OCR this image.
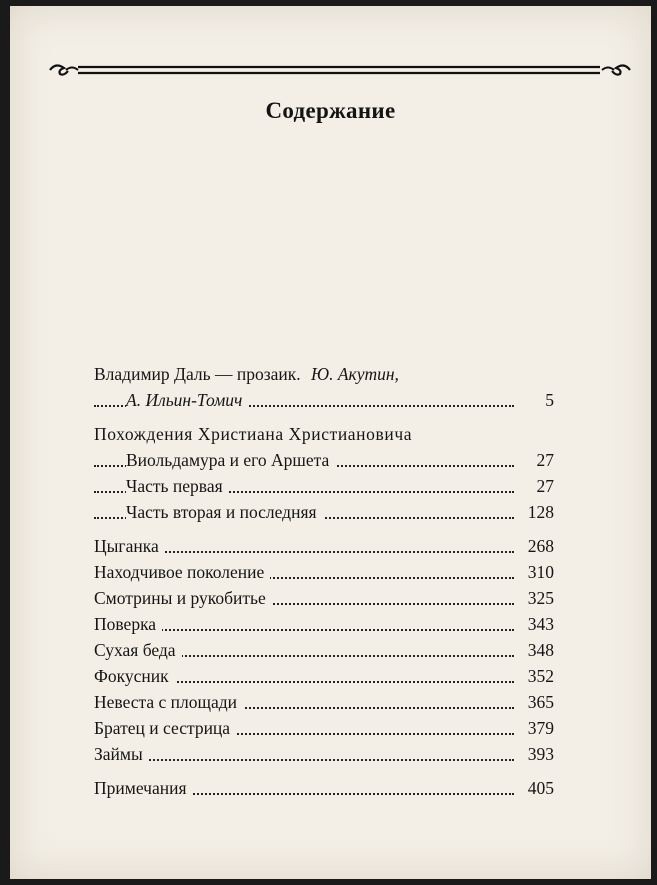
Содержание
Владимир Даль — прозаик. Ю. Акутин,
А. Ильин-Томич	5
Похождения Христиана Христиановича
Виольдамура и его Аршета	27
Часть первая	27
Часть вторая и последняя	128
Цыганка	268
Находчивое поколение	310
Смотрины и рукобитье	325
Поверка	343
Сухая беда	348
Фокусник	352
Невеста с площади	365
Братец и сестрица	379
Займы	393
Примечания	405
